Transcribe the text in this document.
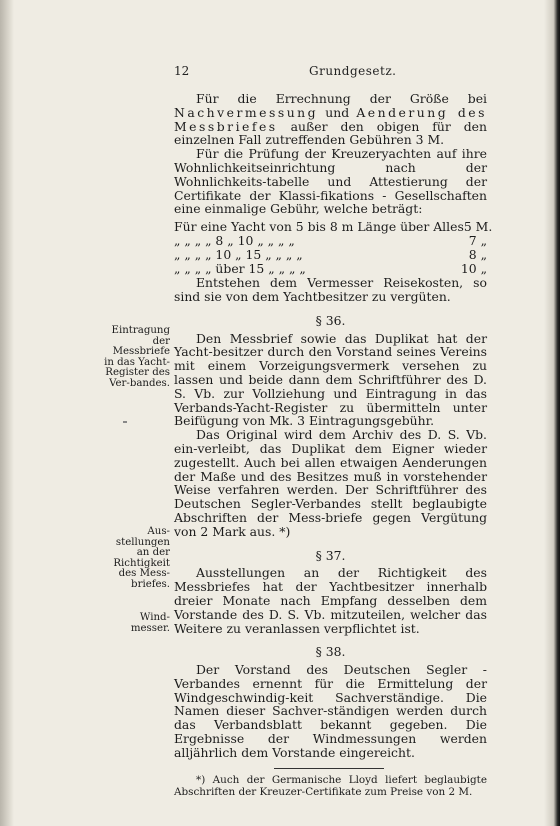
12	Grundgesetz.
Eintragung der Messbriefe in das Yacht-Register des Ver-bandes.
Aus-stellungen an der Richtigkeit des Mess-briefes.
Wind-messer.

Für die Errechnung der Größe bei Nachvermessung und Aenderung des Messbriefes außer den obigen für den einzelnen Fall zutreffenden Gebühren 3 M.

Für die Prüfung der Kreuzeryachten auf ihre Wohnlichkeitseinrichtung nach der Wohnlichkeits-tabelle und Attestierung der Certifikate der Klassi-fikations - Gesellschaften eine einmalige Gebühr, welche beträgt:

Für eine Yacht von 5 bis 8 m Länge über Alles 5 M.
„ „ „ „ 8 „ 10 „ „ „ „	7 „
„ „ „ „ 10 „ 15 „ „ „ „	8 „
„ „ „ „ über 15 „ „ „ „	10 „

Entstehen dem Vermesser Reisekosten, so sind sie von dem Yachtbesitzer zu vergüten.

§ 36.

Den Messbrief sowie das Duplikat hat der Yacht-besitzer durch den Vorstand seines Vereins mit einem Vorzeigungsvermerk versehen zu lassen und beide dann dem Schriftführer des D. S. Vb. zur Vollziehung und Eintragung in das Verbands-Yacht-Register zu übermitteln unter Beifügung von Mk. 3 Eintragungsgebühr.

Das Original wird dem Archiv des D. S. Vb. ein-verleibt, das Duplikat dem Eigner wieder zugestellt. Auch bei allen etwaigen Aenderungen der Maße und des Besitzes muß in vorstehender Weise verfahren werden. Der Schriftführer des Deutschen Segler-Verbandes stellt beglaubigte Abschriften der Mess-briefe gegen Vergütung von 2 Mark aus. *)

§ 37.

Ausstellungen an der Richtigkeit des Messbriefes hat der Yachtbesitzer innerhalb dreier Monate nach Empfang desselben dem Vorstande des D. S. Vb. mitzuteilen, welcher das Weitere zu veranlassen verpflichtet ist.

§ 38.

Der Vorstand des Deutschen Segler - Verbandes ernennt für die Ermittelung der Windgeschwindig-keit Sachverständige. Die Namen dieser Sachver-ständigen werden durch das Verbandsblatt bekannt gegeben. Die Ergebnisse der Windmessungen werden alljährlich dem Vorstande eingereicht.

*) Auch der Germanische Lloyd liefert beglaubigte Abschriften der Kreuzer-Certifikate zum Preise von 2 M.
